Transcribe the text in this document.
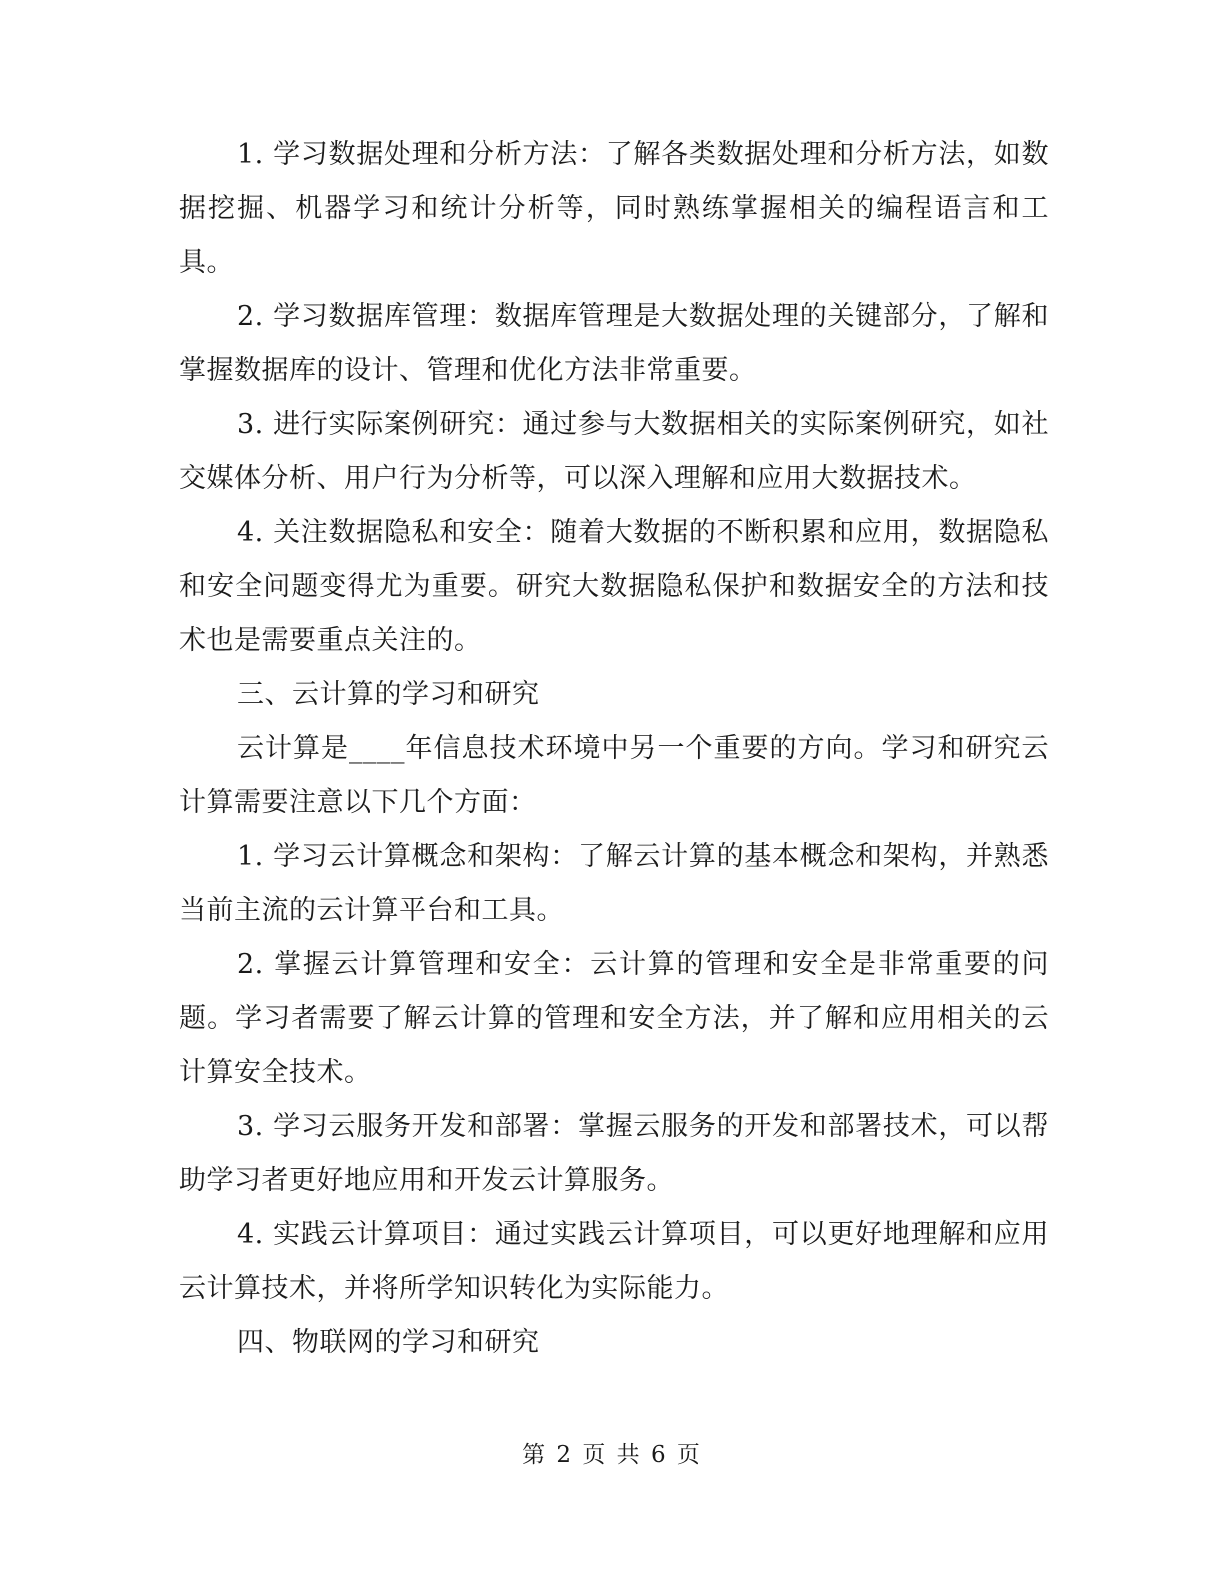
1. 学习数据处理和分析方法：了解各类数据处理和分析方法，如数据挖掘、机器学习和统计分析等，同时熟练掌握相关的编程语言和工具。

2. 学习数据库管理：数据库管理是大数据处理的关键部分，了解和掌握数据库的设计、管理和优化方法非常重要。

3. 进行实际案例研究：通过参与大数据相关的实际案例研究，如社交媒体分析、用户行为分析等，可以深入理解和应用大数据技术。

4. 关注数据隐私和安全：随着大数据的不断积累和应用，数据隐私和安全问题变得尤为重要。研究大数据隐私保护和数据安全的方法和技术也是需要重点关注的。

三、云计算的学习和研究

云计算是____年信息技术环境中另一个重要的方向。学习和研究云计算需要注意以下几个方面：

1. 学习云计算概念和架构：了解云计算的基本概念和架构，并熟悉当前主流的云计算平台和工具。

2. 掌握云计算管理和安全：云计算的管理和安全是非常重要的问题。学习者需要了解云计算的管理和安全方法，并了解和应用相关的云计算安全技术。

3. 学习云服务开发和部署：掌握云服务的开发和部署技术，可以帮助学习者更好地应用和开发云计算服务。

4. 实践云计算项目：通过实践云计算项目，可以更好地理解和应用云计算技术，并将所学知识转化为实际能力。

四、物联网的学习和研究

第 2 页 共 6 页
